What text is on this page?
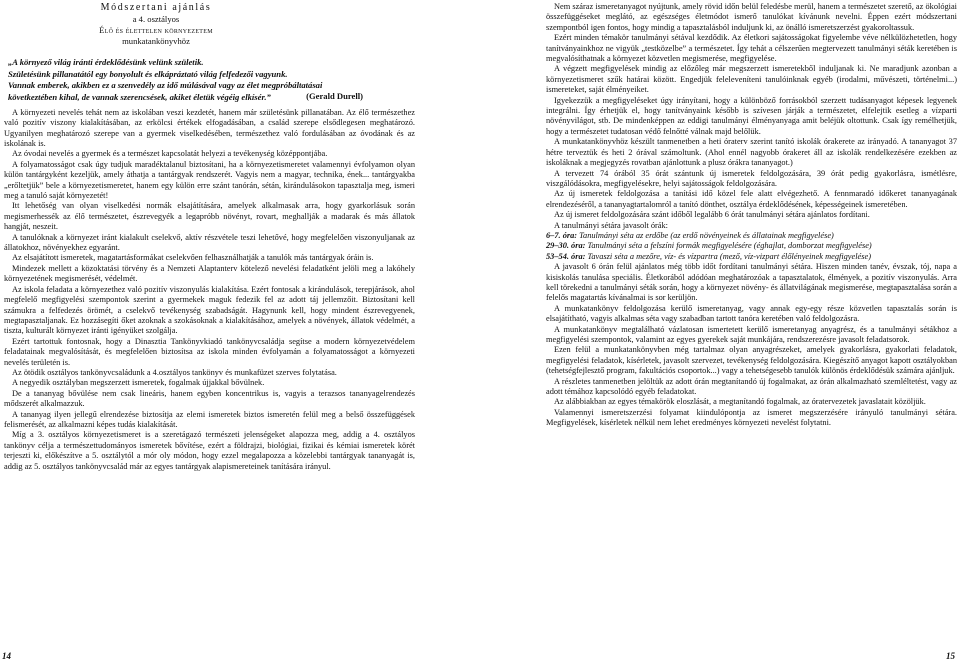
Módszertani ajánlás
a 4. osztályos
Élő és élettelen környezetem
munkatankönyvhöz

„A környező világ iránti érdeklődésünk velünk születik.

Születésünk pillanatától egy bonyolult és elkápráztató világ felfedezői vagyunk.

Vannak emberek, akikben ez a szenvedély az idő múlásával vagy az élet megpróbáltatásai következtében kihal, de vannak szerencsések, akiket életük végéig elkísér.”	(Gerald Durell)

A környezeti nevelés tehát nem az iskolában veszi kezdetét, hanem már születésünk pillanatában. Az élő természethez való pozitív viszony kialakításában, az erkölcsi értékek elfogadásában, a család szerepe elsődlegesen meghatározó. Ugyanilyen meghatározó szerepe van a gyermek viselkedésében, természethez való fordulásában az óvodának és az iskolának is.

Az óvodai nevelés a gyermek és a természet kapcsolatát helyezi a tevékenység középpontjába.

A folyamatosságot csak úgy tudjuk maradéktalanul biztosítani, ha a környezetismeretet valamennyi évfolyamon olyan külön tantárgyként kezeljük, amely áthatja a tantárgyak rendszerét. Vagyis nem a magyar, technika, ének... tantárgyakba „erőltetjük” bele a környezetismeretet, hanem egy külön erre szánt tanórán, sétán, kirándulásokon tapasztalja meg, ismeri meg a tanuló saját környezetét!

Itt lehetőség van olyan viselkedési normák elsajátítására, amelyek alkalmasak arra, hogy gyarkorlásuk során megismerhessék az élő természetet, észrevegyék a legapróbb növényt, rovart, meghallják a madarak és más állatok hangját, neszeit.

A tanulóknak a környezet iránt kialakult cselekvő, aktív részvétele teszi lehetővé, hogy megfelelően viszonyuljanak az állatokhoz, növényekhez egyaránt.

Az elsajátított ismeretek, magatartásformákat cselekvően felhasználhatják a tanulók más tantárgyak óráin is.

Mindezek mellett a közoktatási törvény és a Nemzeti Alaptanterv kötelező nevelési feladatként jelöli meg a lakóhely környezetének megismerését, védelmét.

Az iskola feladata a környezethez való pozitív viszonyulás kialakítása. Ezért fontosak a kirándulások, terepjárások, ahol megfelelő megfigyelési szempontok szerint a gyermekek maguk fedezik fel az adott táj jellemzőit. Biztosítani kell számukra a felfedezés örömét, a cselekvő tevékenység szabadságát. Hagynunk kell, hogy mindent észrevegyenek, megtapasztaljanak. Ez hozzásegíti őket azoknak a szokásoknak a kialakításához, amelyek a növények, állatok védelmét, a tiszta, kulturált környezet iránti igényüket szolgálja.

Ezért tartottuk fontosnak, hogy a Dinasztia Tankönyvkiadó tankönyvcsaládja segítse a modern környezetvédelem feladatainak megvalósítását, és megfelelően biztosítsa az iskola minden évfolyamán a folyamatosságot a környezeti nevelés területén is.

Az ötödik osztályos tankönyvcsaládunk a 4.osztályos tankönyv és munkafüzet szerves folytatása.

A negyedik osztályban megszerzett ismeretek, fogalmak újjakkal bővülnek.

De a tananyag bővülése nem csak lineáris, hanem egyben koncentrikus is, vagyis a terazsos tananyagelrendezés mődszerét alkalmazzuk.

A tananyag ilyen jellegű elrendezése biztosítja az elemi ismeretek biztos ismeretén felül meg a belső összefüggések felismerését, az alkalmazni képes tudás kialakítását.

Míg a 3. osztályos környezetismeret is a szeretágazó természeti jelenségeket alapozza meg, addig a 4. osztályos tankönyv célja a természettudományos ismeretek bővítése, ezért a földrajzi, biológiai, fizikai és kémiai ismeretek körét terjeszti ki, előkészítve a 5. osztálytól a mór oly módon, hogy ezzel megalapozza a közelebbi tantárgyak tananyagát is, addig az 5. osztályos tankönyvcsalád már az egyes tantárgyak alapismereteinek tanítására irányul.

Nem száraz ismeretanyagot nyújtunk, amely rövid időn belül feledésbe merül, hanem a természetet szerető, az ökológiai összefüggéseket meglátó, az egészséges életmódot ismerő tanulókat kívánunk nevelni. Éppen ezért módszertani szempontból igen fontos, hogy mindig a tapasztalásból induljunk ki, az önálló ismeretszerzést gyakoroltassuk.

Ezért minden témakör tanulmányi sétával kezdődik. Az életkori sajátosságokat figyelembe véve nélkülözhetetlen, hogy tanítványainkhoz ne vigyük „testközelbe” a természetet. Így tehát a célszerűen megtervezett tanulmányi séták keretében is megvalósíthatnak a környezet közvetlen megismerése, megfigyelése.

A végzett megfigyelések mindig az előzőleg már megszerzett ismeretekből induljanak ki. Ne maradjunk azonban a környezetismeret szűk határai között. Engedjük feleleveníteni tanulóinknak egyéb (irodalmi, művészeti, történelmi...) ismereteket, saját élményeiket.

Igyekezzük a megfigyeléseket úgy irányítani, hogy a különböző forrásokból szerzett tudásanyagot képesek legyenek integrálni. Így érhetjük el, hogy tanítványaink később is szívesen járják a természetet, elfelejtik esetleg a vízparti növényvilágot, stb. De mindenképpen az eddigi tanulmányi élményanyaga amit beléjük oltottunk. Csak így remélhetjük, hogy a természetet tudatosan védő felnőtté válnak majd belőlük.

A munkatankönyvhöz készült tanmenetben a heti óraterv szerint tanító iskolák órakerete az irányadó. A tananyagot 37 hétre terveztük és heti 2 órával számoltunk. (Ahol ennél nagyobb órakeret áll az iskolák rendelkezésére ezekben az iskoláknak a megjegyzés rovatban ajánlottunk a plusz órákra tananyagot.)

A tervezett 74 órából 35 órát szántunk új ismeretek feldolgozására, 39 órát pedig gyakorlásra, ismétlésre, viszgálódásokra, megfigyelésekre, helyi sajátosságok feldolgozására.

Az új ismeretek feldolgozása a tanítási idő közel fele alatt elvégezhető. A fennmaradó időkeret tananyagának elrendezéséről, a tananyagtartalomról a tanító dönthet, osztálya érdeklődésének, képességeinek ismeretében.

Az új ismeret feldolgozására szánt időből legalább 6 órát tanulmányi sétára ajánlatos fordítani.

A tanulmányi sétára javasolt órák:

6–7. óra: Tanulmányi séta az erdőbe (az erdő növényeinek és állatainak megfigyelése)

29–30. óra: Tanulmányi séta a felszíni formák megfigyelésére (éghajlat, domborzat megfigyelése)

53–54. óra: Tavaszi séta a mezőre, víz- és vízpartra (mező, víz-vizpart élőlényeinek megfigyelése)

A javasolt 6 órán felül ajánlatos még több időt fordítani tanulmányi sétára. Hiszen minden tanév, évszak, tój, napa a kisiskolás tanulása speciális. Életkorából adódóan meghatározóak a tapasztalatok, élmények, a pozitív viszonyulás. Arra kell törekedni a tanulmányi séták során, hogy a környezet növény- és állatvilágának megismerése, megtapasztalása során a felelős magatartás kívánalmai is sor kerüljön.

A munkatankönyv feldolgozása kerülő ismeretanyag, vagy annak egy-egy része közvetlen tapasztalás során is elsajátítható, vagyis alkalmas séta vagy szabadban tartott tanóra keretében való feldolgozásra.

A munkatankönyv megtalálható vázlatosan ismertetett kerülő ismeretanyag anyagrész, és a tanulmányi sétákhoz a megfigyelési szempontok, valamint az egyes gyerekek saját munkájára, rendszerezésre javasolt feladatsorok.

Ezen felül a munkatankönyvben még tartalmaz olyan anyagrészeket, amelyek gyakorlásra, gyakorlati feladatok, megfigyelési feladatok, kísérletek, javasolt szervezet, tevékenység feldolgozására. Kiegészítő anyagot kapott osztályokban (tehetségfejlesztő program, fakultációs csoportok...) vagy a tehetségesebb tanulók különös érdeklődésük számára ajánljuk.

A részletes tanmenetben jelöltük az adott órán megtanítandó új fogalmakat, az órán alkalmazható szemléltetést, vagy az adott témához kapcsolódó egyéb feladatokat.

Az alábbiakban az egyes témakörök eloszlását, a megtanítandó fogalmak, az óratervezetek javaslatait közöljük.

Valamennyi ismeretszerzési folyamat kiindulópontja az ismeret megszerzésére irányuló tanulmányi sétára. Megfigyelések, kísérletek nélkül nem lehet eredményes környezeti nevelést folytatni.

14	15
